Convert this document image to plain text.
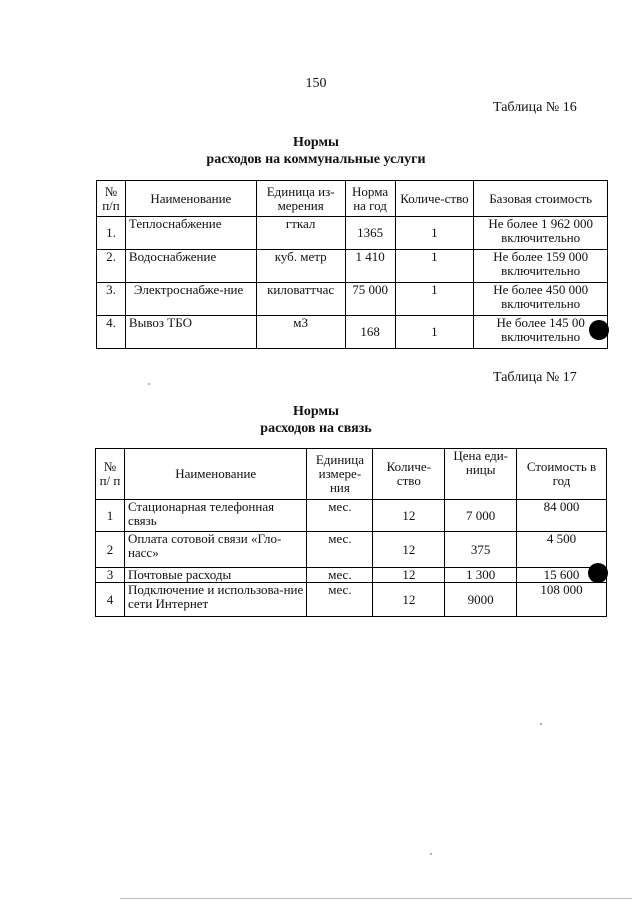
150
Таблица № 16
Нормы
расходов на коммунальные услуги
№ п/п	Наименование	Единица из-мерения	Норма на год	Количе-ство	Базовая стоимость
1.	Теплоснабжение	гткал	1365	1	Не более 1 962 000
включительно

2.	Водоснабжение	куб. метр	1 410	1	Не более 159 000
включительно

3.	Электроснабже-ние	киловаттчас	75 000	1	Не более 450 000
включительно

4.	Вывоз ТБО	м3	168	1	Не более 145 00
включительно
Таблица № 17
Нормы
расходов на связь
№ п/ п	Наименование	Единица измере-ния	Количе-ство	Цена еди-ницы	Стоимость в год
1	Стационарная телефонная связь	мес.	12	7 000	84 000
2	Оплата сотовой связи «Гло-насс»	мес.	12	375	4 500
3	Почтовые расходы	мес.	12	1 300	15 600
4	Подключение и использова-ние сети Интернет	мес.	12	9000	108 000
